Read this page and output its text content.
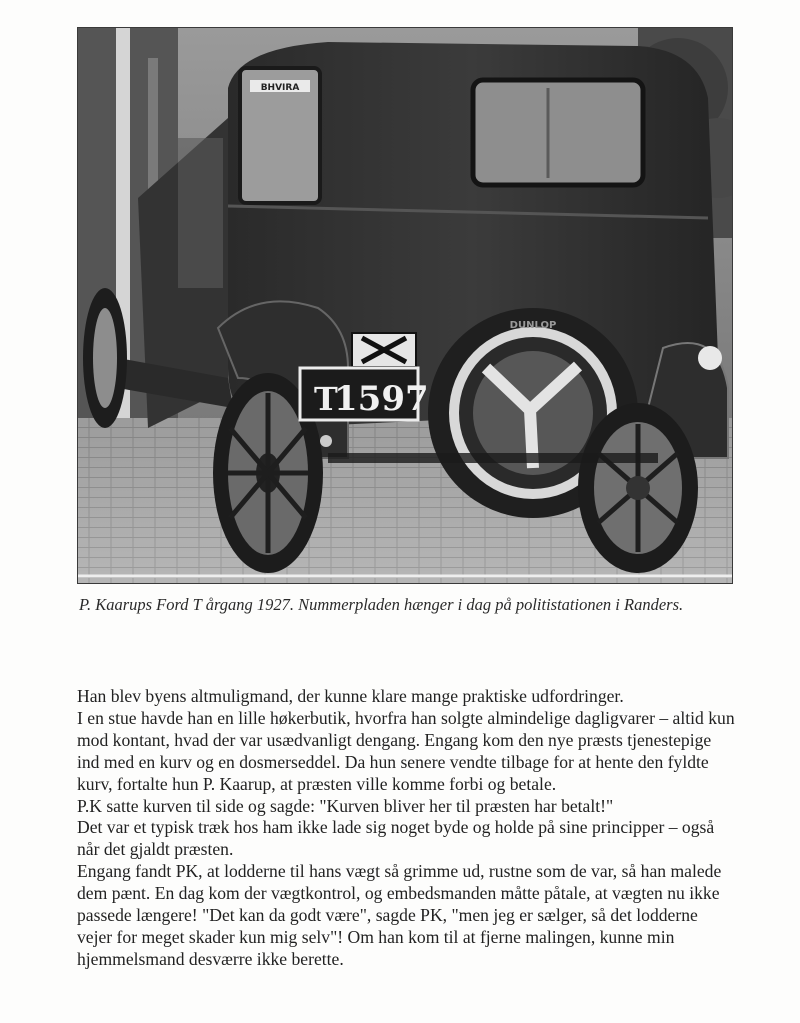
BHVIRA
T
1597
DUNLOP

P. Kaarups Ford T årgang 1927. Nummerpladen hænger i dag på politistationen i Randers.

Han blev byens altmuligmand, der kunne klare mange praktiske udfordringer.

I en stue havde han en lille høkerbutik, hvorfra han solgte almindelige dagligvarer – altid kun mod kontant, hvad der var usædvanligt dengang. Engang kom den nye præsts tjenestepige ind med en kurv og en dosmerseddel. Da hun senere vendte tilbage for at hente den fyldte kurv, fortalte hun P. Kaarup, at præsten ville komme forbi og betale.

P.K satte kurven til side og sagde: "Kurven bliver her til præsten har betalt!"

Det var et typisk træk hos ham ikke lade sig noget byde og holde på sine principper – også når det gjaldt præsten.

Engang fandt PK, at lodderne til hans vægt så grimme ud, rustne som de var, så han malede dem pænt. En dag kom der vægtkontrol, og embedsmanden måtte påtale, at vægten nu ikke passede længere! "Det kan da godt være", sagde PK, "men jeg er sælger, så det lodderne vejer for meget skader kun mig selv"! Om han kom til at fjerne malingen, kunne min hjemmelsmand desværre ikke berette.
